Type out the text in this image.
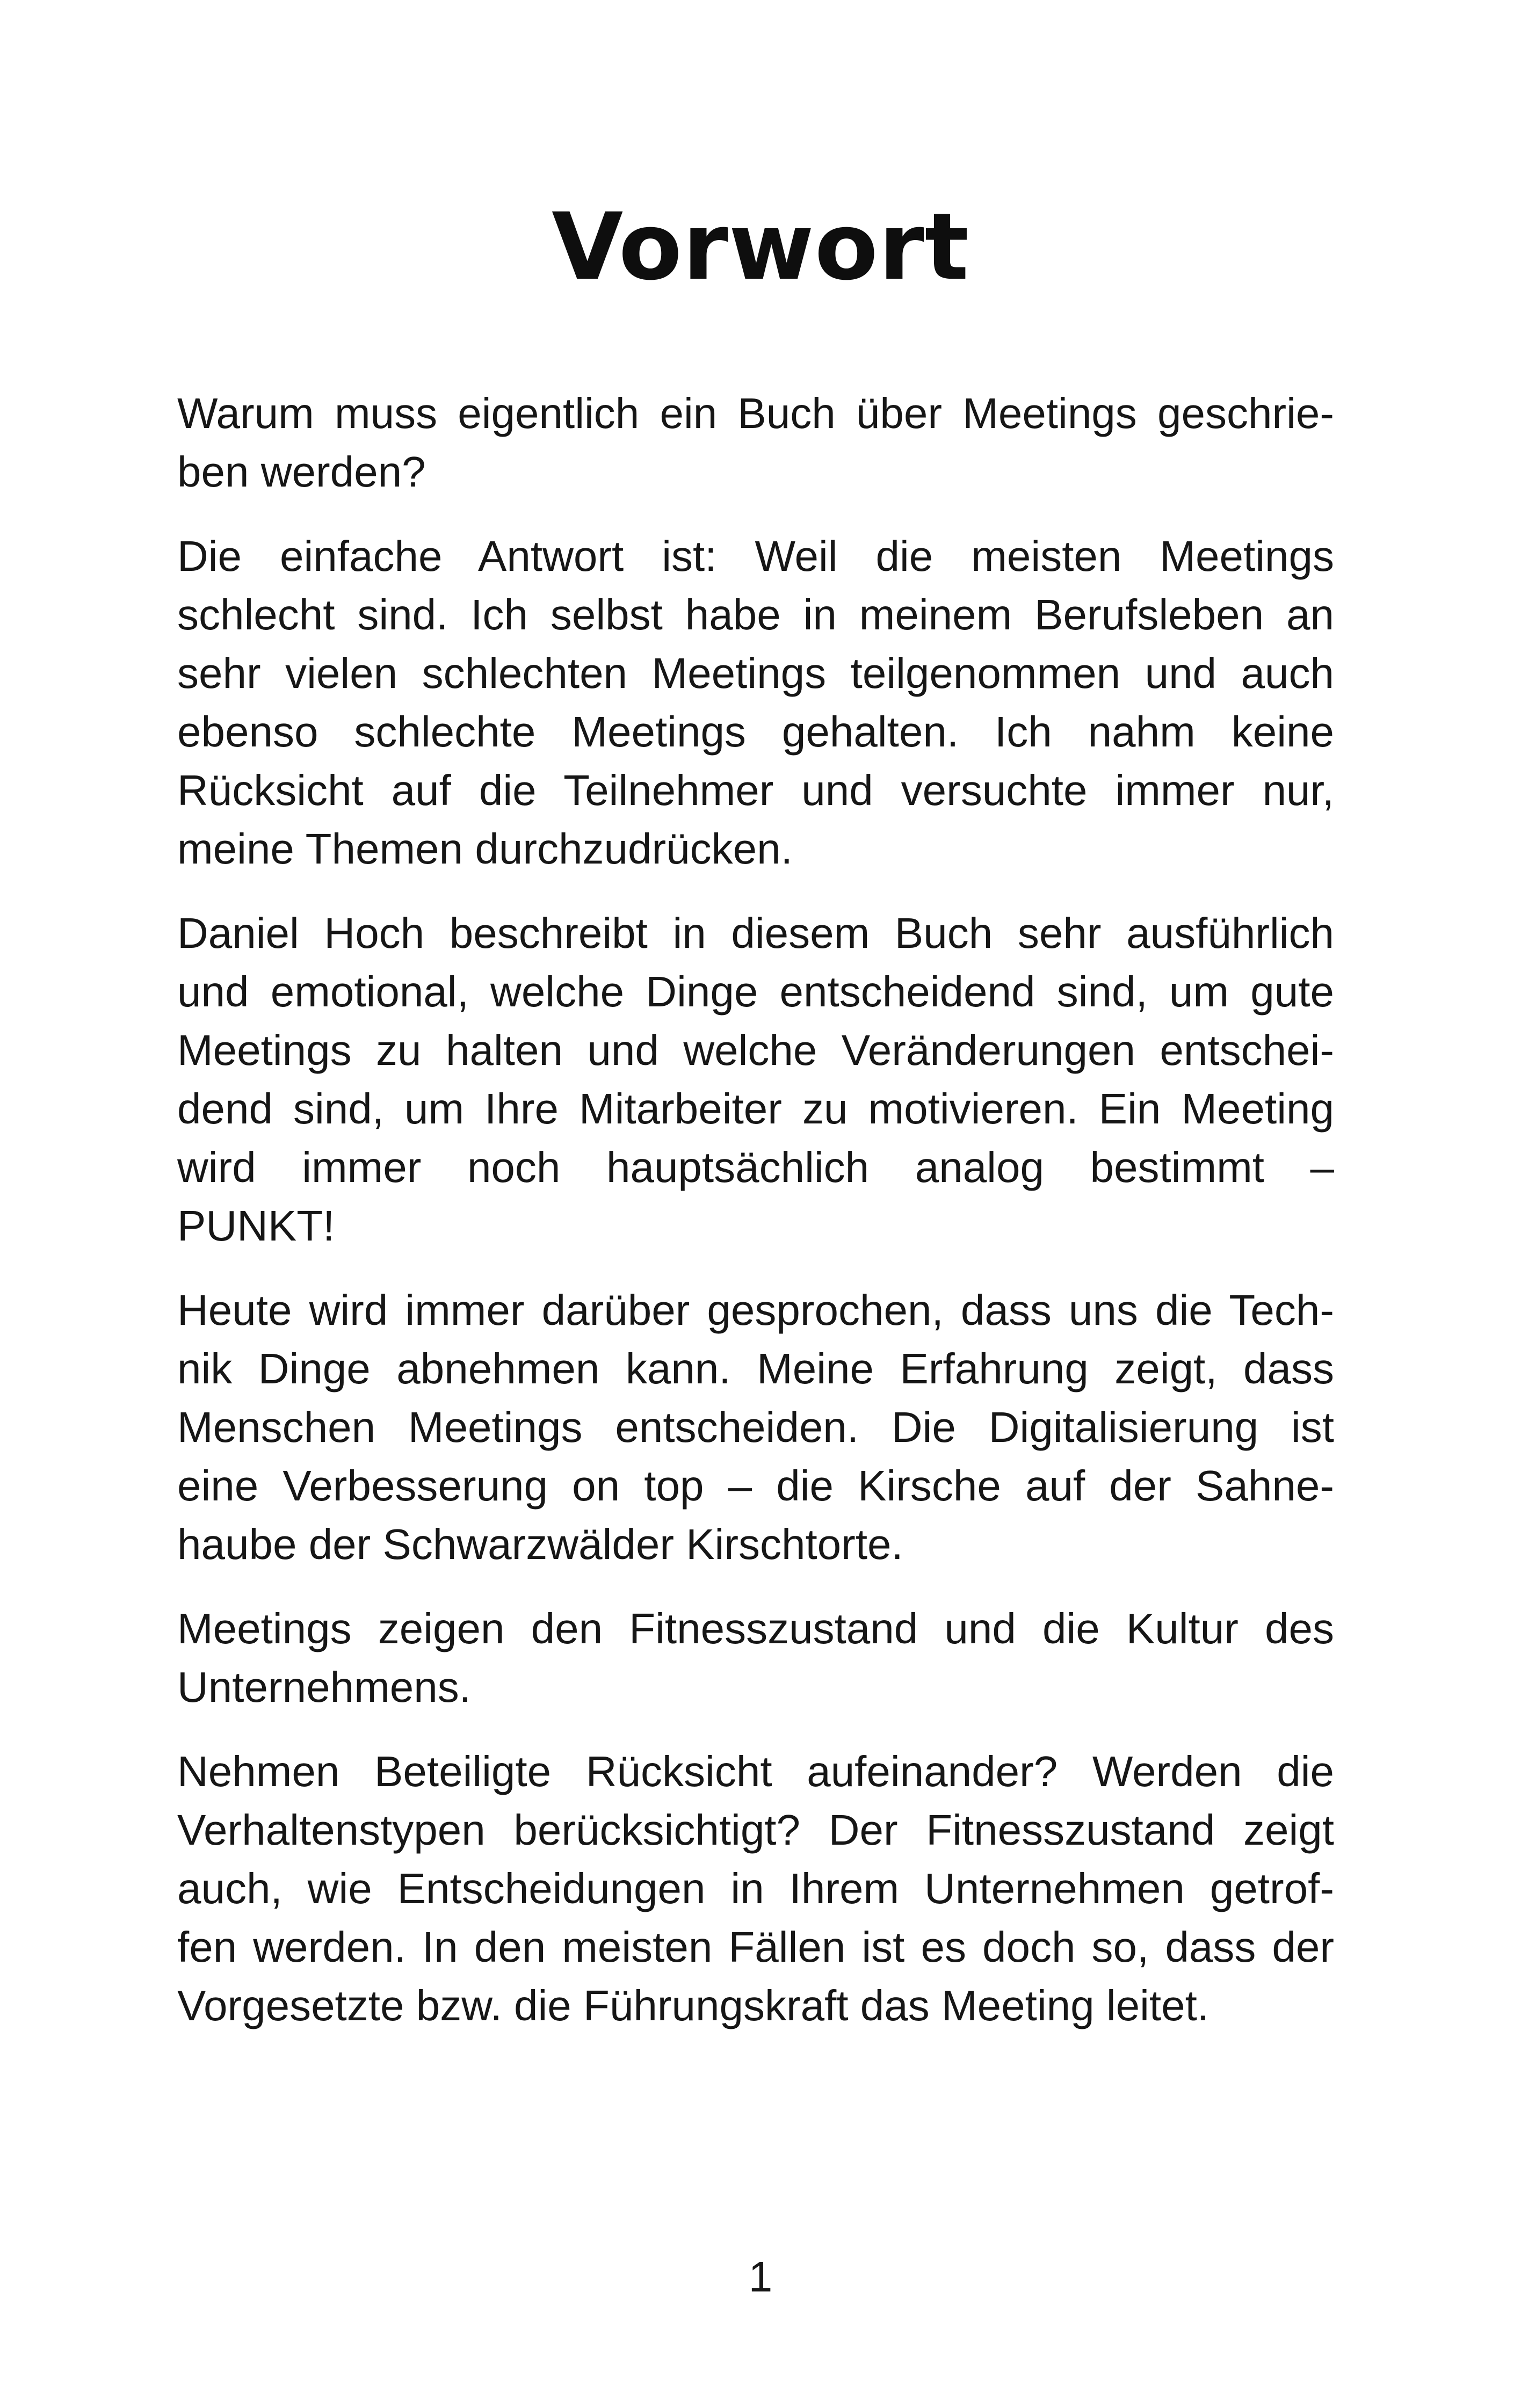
Vorwort

Warum muss eigentlich ein Buch über Meetings geschrie-
ben werden?

Die einfache Antwort ist: Weil die meisten Meetings
schlecht sind. Ich selbst habe in meinem Berufsleben an
sehr vielen schlechten Meetings teilgenommen und auch
ebenso schlechte Meetings gehalten. Ich nahm keine
Rücksicht auf die Teilnehmer und versuchte immer nur,
meine Themen durchzudrücken.

Daniel Hoch beschreibt in diesem Buch sehr ausführlich
und emotional, welche Dinge entscheidend sind, um gute
Meetings zu halten und welche Veränderungen entschei-
dend sind, um Ihre Mitarbeiter zu motivieren. Ein Meeting
wird immer noch hauptsächlich analog bestimmt –
PUNKT!

Heute wird immer darüber gesprochen, dass uns die Tech-
nik Dinge abnehmen kann. Meine Erfahrung zeigt, dass
Menschen Meetings entscheiden. Die Digitalisierung ist
eine Verbesserung on top – die Kirsche auf der Sahne-
haube der Schwarzwälder Kirschtorte.

Meetings zeigen den Fitnesszustand und die Kultur des
Unternehmens.

Nehmen Beteiligte Rücksicht aufeinander? Werden die
Verhaltenstypen berücksichtigt? Der Fitnesszustand zeigt
auch, wie Entscheidungen in Ihrem Unternehmen getrof-
fen werden. In den meisten Fällen ist es doch so, dass der
Vorgesetzte bzw. die Führungskraft das Meeting leitet.

1
